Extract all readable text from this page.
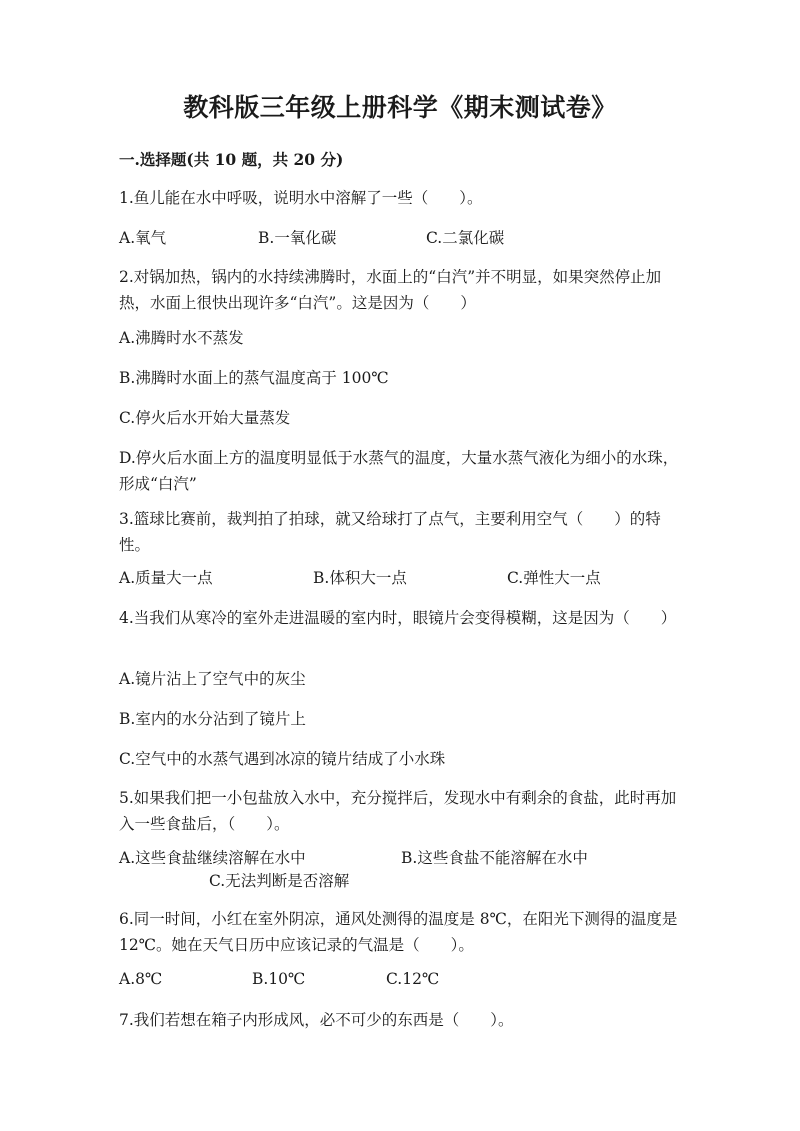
教科版三年级上册科学《期末测试卷》
一.选择题(共 10 题，共 20 分)
1.鱼儿能在水中呼吸，说明水中溶解了一些（　　）。
A.氧气	B.一氧化碳	C.二氯化碳
2.对锅加热，锅内的水持续沸腾时，水面上的“白汽”并不明显，如果突然停止加热，水面上很快出现许多“白汽”。这是因为（　　）
A.沸腾时水不蒸发
B.沸腾时水面上的蒸气温度高于 100℃
C.停火后水开始大量蒸发
D.停火后水面上方的温度明显低于水蒸气的温度，大量水蒸气液化为细小的水珠，形成“白汽”
3.篮球比赛前，裁判拍了拍球，就又给球打了点气，主要利用空气（　　）的特性。
A.质量大一点	B.体积大一点	C.弹性大一点
4.当我们从寒冷的室外走进温暖的室内时，眼镜片会变得模糊，这是因为（　　）
A.镜片沾上了空气中的灰尘
B.室内的水分沾到了镜片上
C.空气中的水蒸气遇到冰凉的镜片结成了小水珠
5.如果我们把一小包盐放入水中，充分搅拌后，发现水中有剩余的食盐，此时再加入一些食盐后，（　　）。
A.这些食盐继续溶解在水中	B.这些食盐不能溶解在水中
C.无法判断是否溶解
6.同一时间，小红在室外阴凉，通风处测得的温度是 8℃，在阳光下测得的温度是 12℃。她在天气日历中应该记录的气温是（　　）。
A.8℃	B.10℃	C.12℃
7.我们若想在箱子内形成风，必不可少的东西是（　　）。
